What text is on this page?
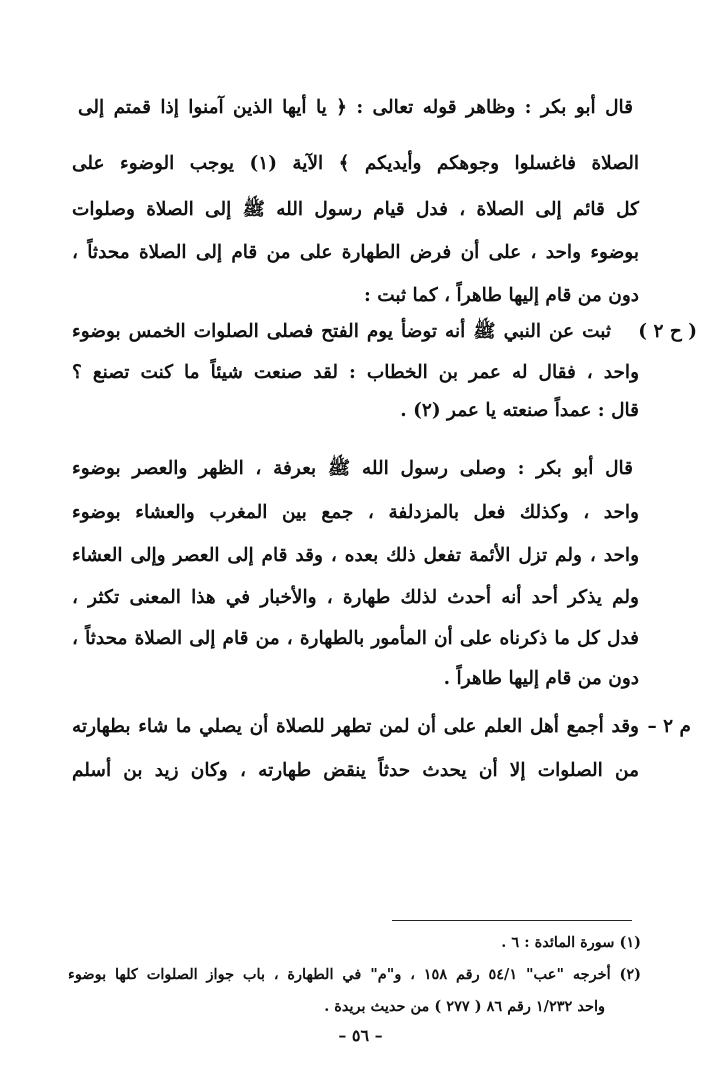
قال أبو بكر : وظاهر قوله تعالى : ﴿ يا أيها الذين آمنوا إذا قمتم إلى
الصلاة فاغسلوا وجوهكم وأيديكم ﴾ الآية (١) يوجب الوضوء على
كل قائم إلى الصلاة ، فدل قيام رسول الله ﷺ إلى الصلاة وصلوات
بوضوء واحد ، على أن فرض الطهارة على من قام إلى الصلاة محدثاً ،
دون من قام إليها طاهراً ، كما ثبت :
( ح ٢ )
ثبت عن النبي ﷺ أنه توضأ يوم الفتح فصلى الصلوات الخمس بوضوء
واحد ، فقال له عمر بن الخطاب : لقد صنعت شيئاً ما كنت تصنع ؟
قال : عمداً صنعته يا عمر (٢) .
قال أبو بكر : وصلى رسول الله ﷺ بعرفة ، الظهر والعصر بوضوء
واحد ، وكذلك فعل بالمزدلفة ، جمع بين المغرب والعشاء بوضوء
واحد ، ولم تزل الأئمة تفعل ذلك بعده ، وقد قام إلى العصر وإلى العشاء
ولم يذكر أحد أنه أحدث لذلك طهارة ، والأخبار في هذا المعنى تكثر ،
فدل كل ما ذكرناه على أن المأمور بالطهارة ، من قام إلى الصلاة محدثاً ،
دون من قام إليها طاهراً .
م ٢ –
وقد أجمع أهل العلم على أن لمن تطهر للصلاة أن يصلي ما شاء بطهارته
من الصلوات إلا أن يحدث حدثاً ينقض طهارته ، وكان زيد بن أسلم
(١) سورة المائدة : ٦ .
(٢) أخرجه "عب" ٥٤/١ رقم ١٥٨ ، و"م" في الطهارة ، باب جواز الصلوات كلها بوضوء
واحد ١/٢٣٢ رقم ٨٦ ( ٢٧٧ ) من حديث بريدة .
– ٥٦ –
